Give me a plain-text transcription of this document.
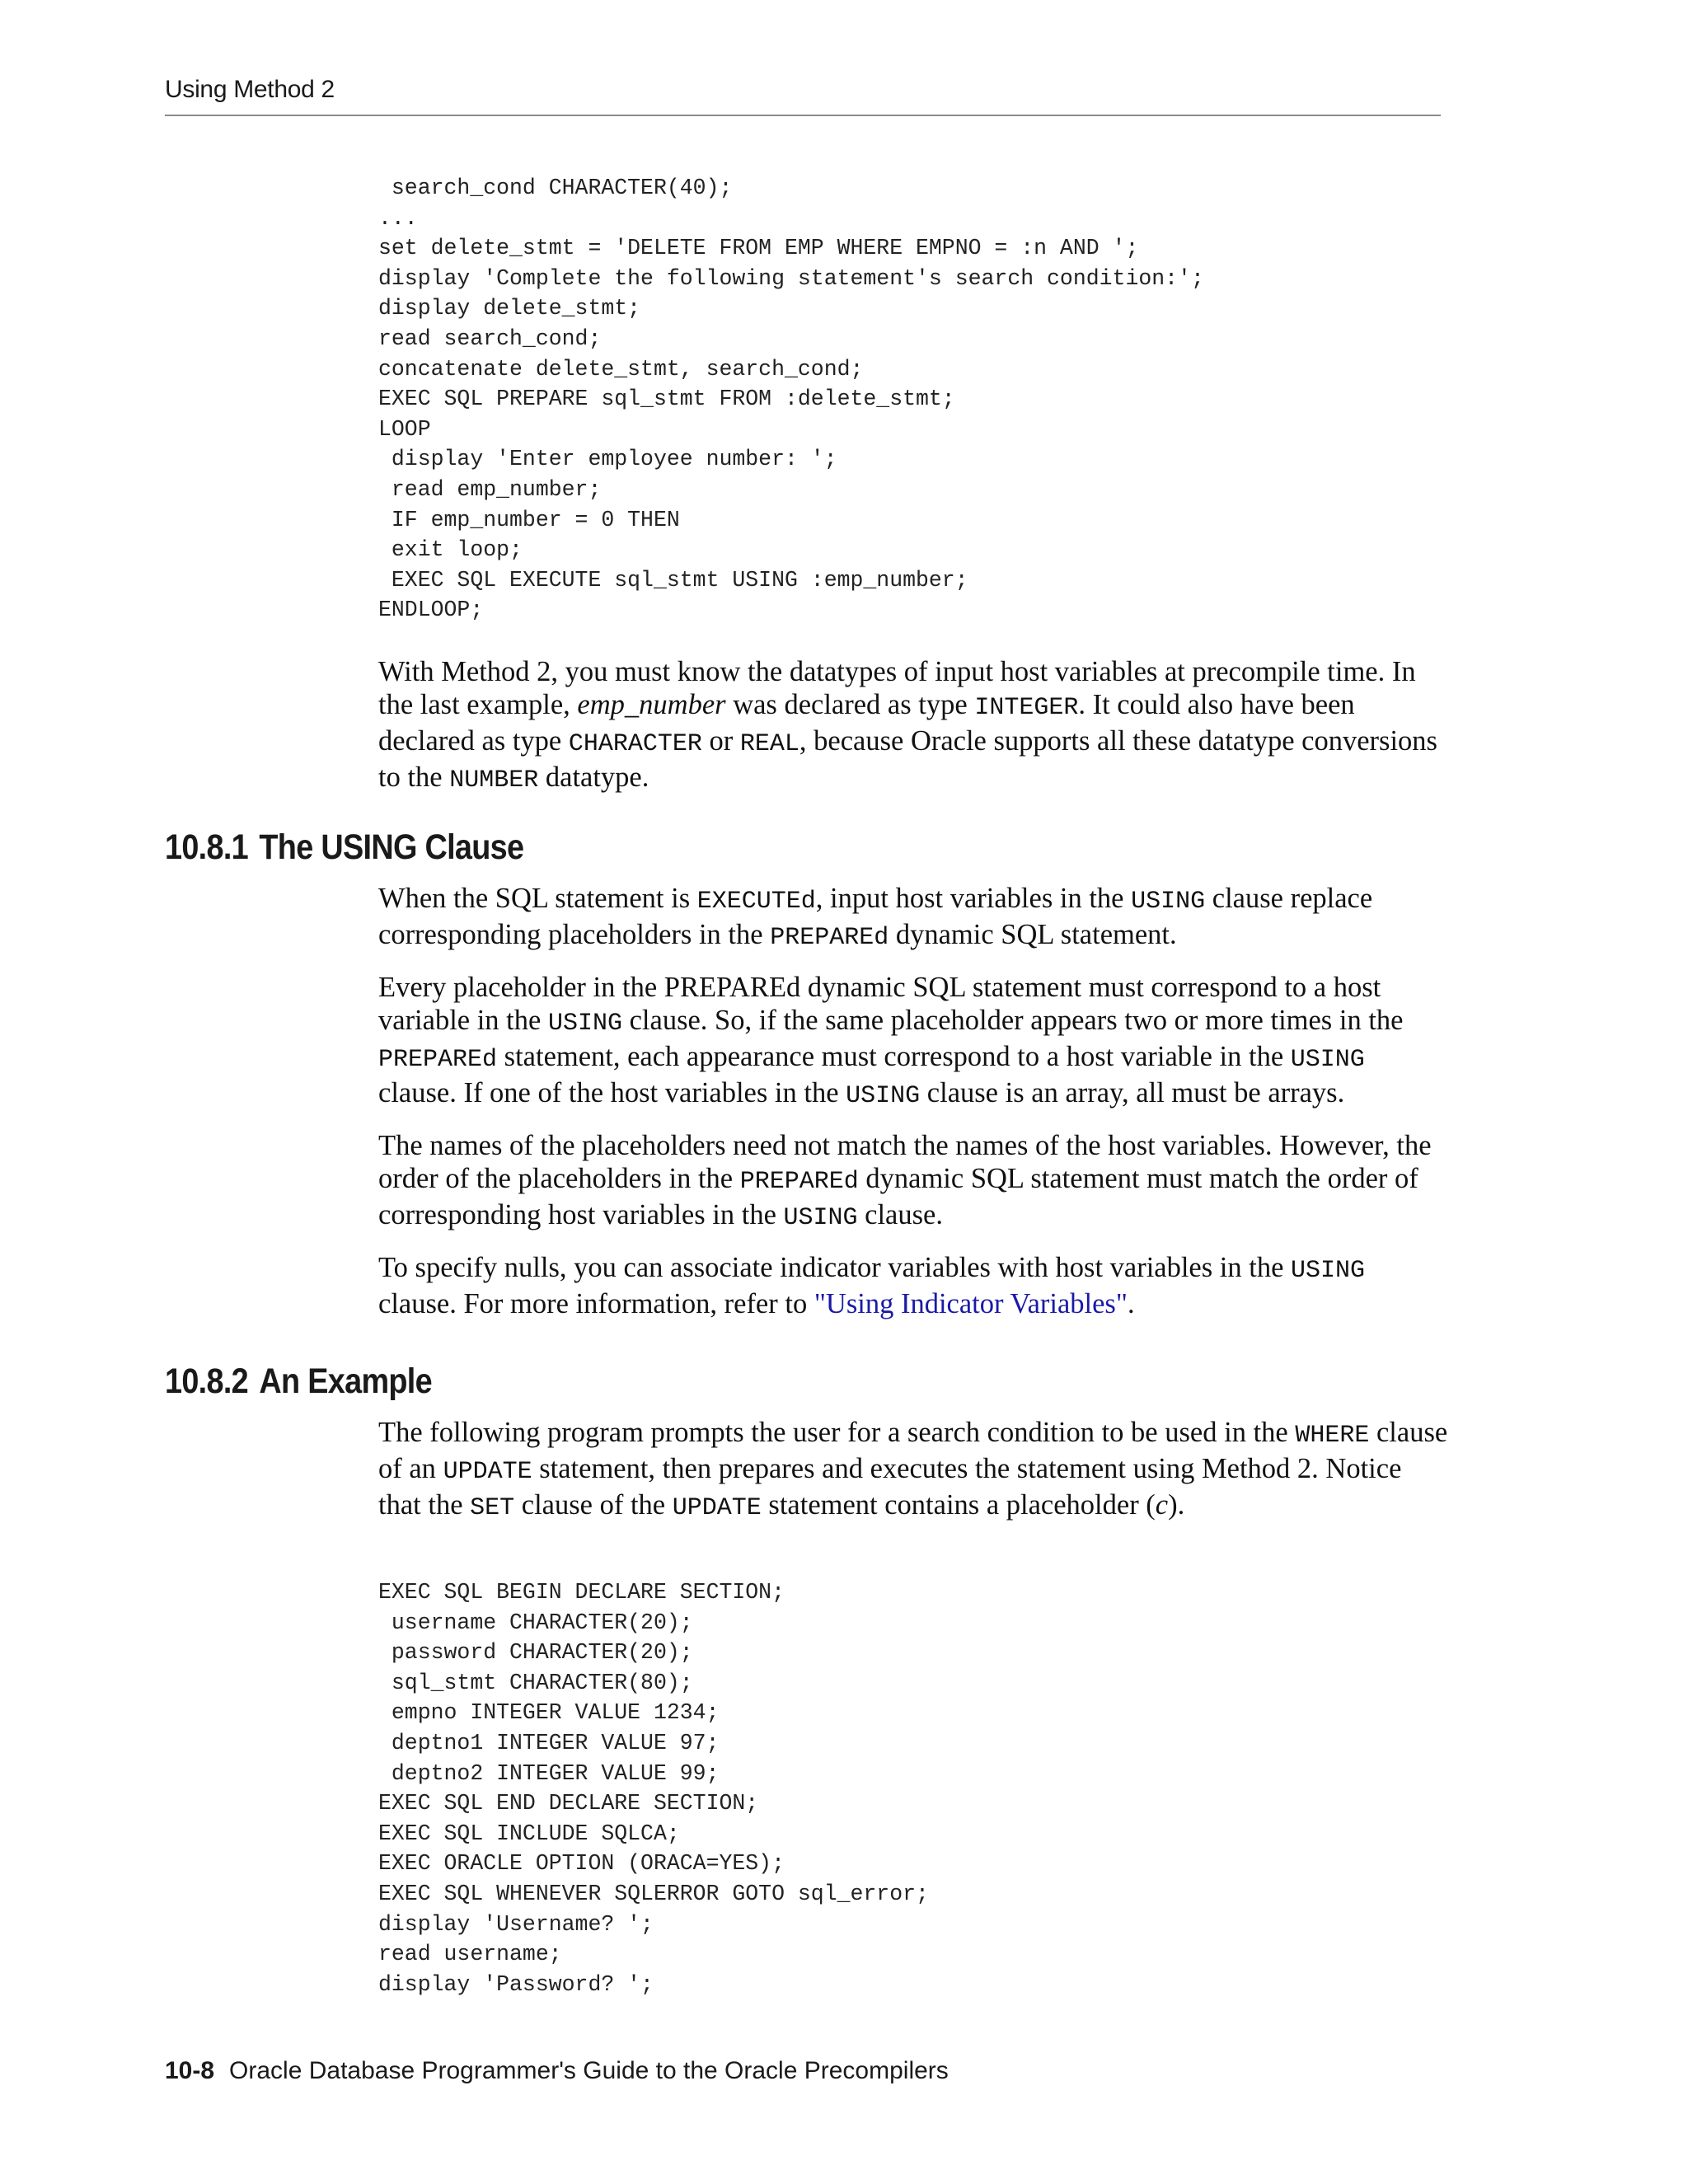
Using Method 2
search_cond CHARACTER(40);
...
set delete_stmt = 'DELETE FROM EMP WHERE EMPNO = :n AND ';
display 'Complete the following statement's search condition:';
display delete_stmt;
read search_cond;
concatenate delete_stmt, search_cond;
EXEC SQL PREPARE sql_stmt FROM :delete_stmt;
LOOP
display 'Enter employee number: ';
read emp_number;
IF emp_number = 0 THEN
exit loop;
EXEC SQL EXECUTE sql_stmt USING :emp_number;
ENDLOOP;

With Method 2, you must know the datatypes of input host variables at precompile time. In the last example, emp_number was declared as type INTEGER. It could also have been declared as type CHARACTER or REAL, because Oracle supports all these datatype conversions to the NUMBER datatype.

10.8.1 The USING Clause

When the SQL statement is EXECUTEd, input host variables in the USING clause replace corresponding placeholders in the PREPAREd dynamic SQL statement.

Every placeholder in the PREPAREd dynamic SQL statement must correspond to a host variable in the USING clause. So, if the same placeholder appears two or more times in the PREPAREd statement, each appearance must correspond to a host variable in the USING clause. If one of the host variables in the USING clause is an array, all must be arrays.

The names of the placeholders need not match the names of the host variables. However, the order of the placeholders in the PREPAREd dynamic SQL statement must match the order of corresponding host variables in the USING clause.

To specify nulls, you can associate indicator variables with host variables in the USING clause. For more information, refer to "Using Indicator Variables".

10.8.2 An Example

The following program prompts the user for a search condition to be used in the WHERE clause of an UPDATE statement, then prepares and executes the statement using Method 2. Notice that the SET clause of the UPDATE statement contains a placeholder (c).

EXEC SQL BEGIN DECLARE SECTION;
username CHARACTER(20);
password CHARACTER(20);
sql_stmt CHARACTER(80);
empno INTEGER VALUE 1234;
deptno1 INTEGER VALUE 97;
deptno2 INTEGER VALUE 99;
EXEC SQL END DECLARE SECTION;
EXEC SQL INCLUDE SQLCA;
EXEC ORACLE OPTION (ORACA=YES);
EXEC SQL WHENEVER SQLERROR GOTO sql_error;
display 'Username? ';
read username;
display 'Password? ';
10-8 Oracle Database Programmer's Guide to the Oracle Precompilers
